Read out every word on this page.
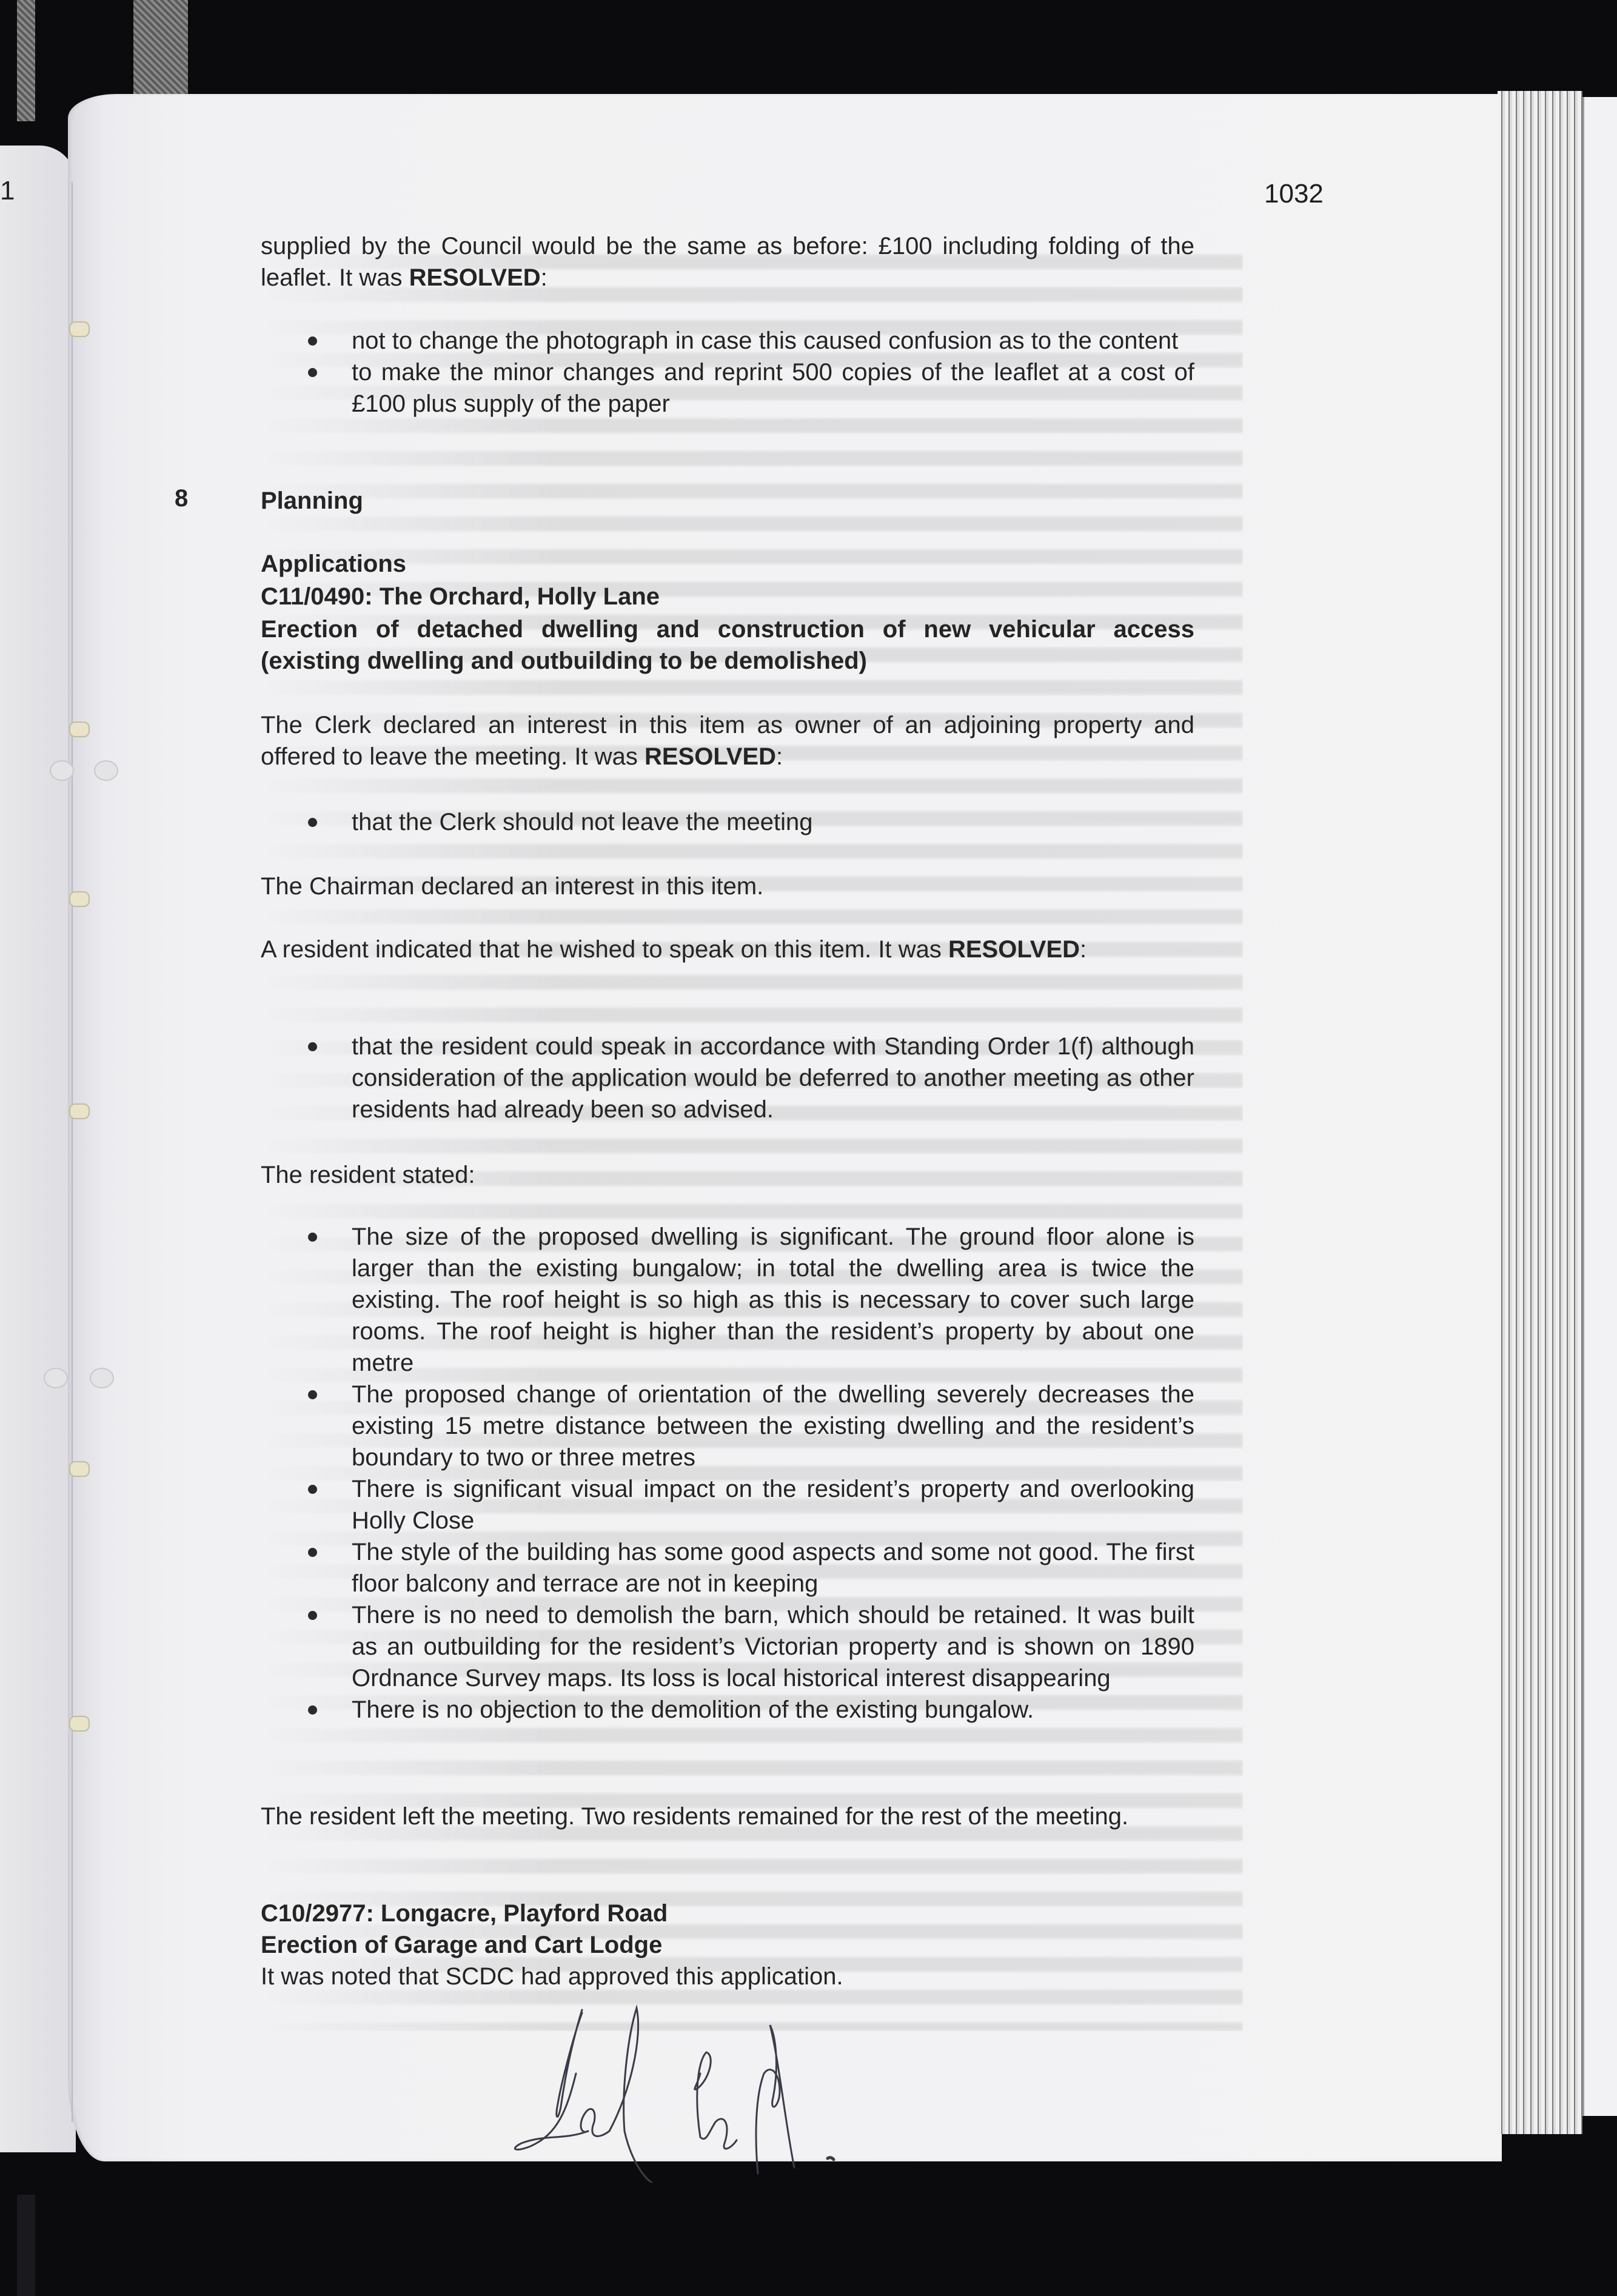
1	1032
supplied by the Council would be the same as before: £100 including folding of the leaflet. It was RESOLVED:
not to change the photograph in case this caused confusion as to the content
to make the minor changes and reprint 500 copies of the leaflet at a cost of £100 plus supply of the paper
8	Planning
Applications
C11/0490: The Orchard, Holly Lane
Erection of detached dwelling and construction of new vehicular access (existing dwelling and outbuilding to be demolished)
The Clerk declared an interest in this item as owner of an adjoining property and offered to leave the meeting. It was RESOLVED:
that the Clerk should not leave the meeting
The Chairman declared an interest in this item.
A resident indicated that he wished to speak on this item. It was RESOLVED:
that the resident could speak in accordance with Standing Order 1(f) although consideration of the application would be deferred to another meeting as other residents had already been so advised.
The resident stated:
The size of the proposed dwelling is significant. The ground floor alone is larger than the existing bungalow; in total the dwelling area is twice the existing. The roof height is so high as this is necessary to cover such large rooms. The roof height is higher than the resident’s property by about one metre
The proposed change of orientation of the dwelling severely decreases the existing 15 metre distance between the existing dwelling and the resident’s boundary to two or three metres
There is significant visual impact on the resident’s property and overlooking Holly Close
The style of the building has some good aspects and some not good. The first floor balcony and terrace are not in keeping
There is no need to demolish the barn, which should be retained. It was built as an outbuilding for the resident’s Victorian property and is shown on 1890 Ordnance Survey maps. Its loss is local historical interest disappearing
There is no objection to the demolition of the existing bungalow.
The resident left the meeting. Two residents remained for the rest of the meeting.
C10/2977: Longacre, Playford Road
Erection of Garage and Cart Lodge
It was noted that SCDC had approved this application.
